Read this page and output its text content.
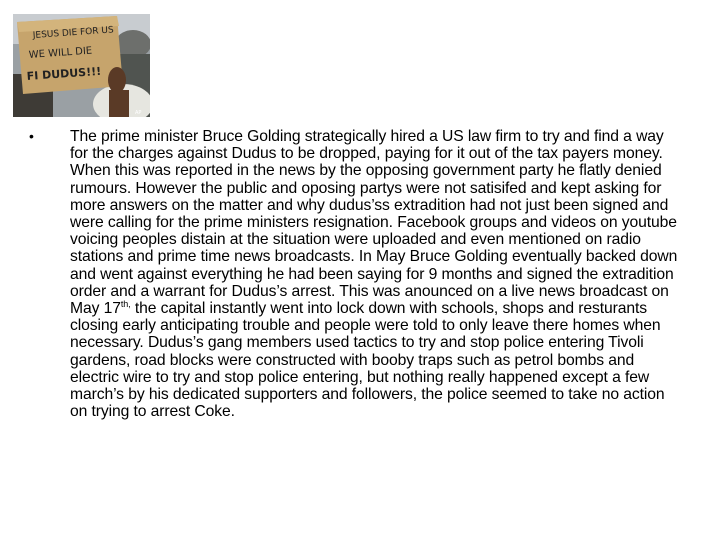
JESUS DIE FOR US
WE WILL DIE
FI DUDUS!!!
AP
• The prime minister Bruce Golding strategically hired a US law firm to try and find a way for the charges against Dudus to be dropped, paying for it out of the tax payers money. When this was reported in the news by the opposing government party he flatly denied rumours. However the public and oposing partys were not satisifed and kept asking for more answers on the matter and why dudus’ss extradition had not just been signed and were calling for the prime ministers resignation. Facebook groups and videos on youtube voicing peoples distain at the situation were uploaded and even mentioned on radio stations and prime time news broadcasts. In May Bruce Golding eventually backed down and went against everything he had been saying for 9 months and signed the extradition order and a warrant for Dudus’s arrest. This was anounced on a live news broadcast on May $17^{th,}$ the capital instantly went into lock down with schools, shops and resturants closing early anticipating trouble and people were told to only leave there homes when necessary. Dudus’s gang members used tactics to try and stop police entering Tivoli gardens, road blocks were constructed with booby traps such as petrol bombs and electric wire to try and stop police entering, but nothing really happened except a few march’s by his dedicated supporters and followers, the police seemed to take no action on trying to arrest Coke.
